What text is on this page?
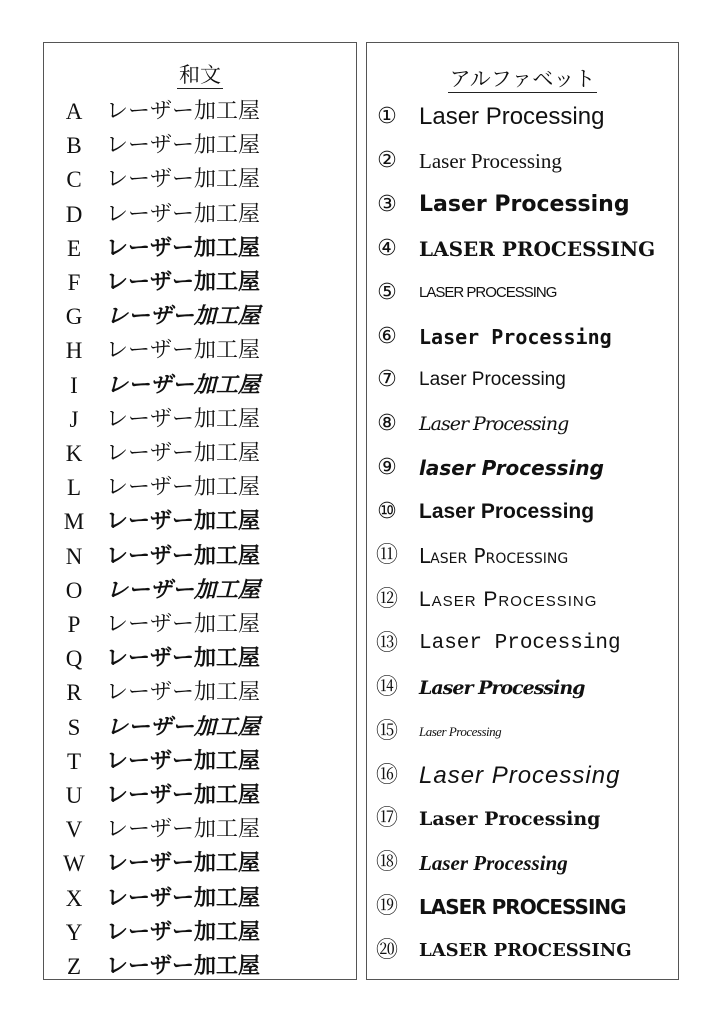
和文
A レーザー加工屋
B レーザー加工屋
C レーザー加工屋
D レーザー加工屋
E レーザー加工屋
F レーザー加工屋
G レーザー加工屋
H レーザー加工屋
I	レーザー加工屋
J	レーザー加工屋
K レーザー加工屋
L レーザー加工屋
M レーザー加工屋
N レーザー加工屋
O レーザー加工屋
P レーザー加工屋
Q レーザー加工屋
R レーザー加工屋
S レーザー加工屋
T レーザー加工屋
U レーザー加工屋
V レーザー加工屋
W レーザー加工屋
X レーザー加工屋
Y レーザー加工屋
Z レーザー加工屋
アルファベット
① Laser Processing
② Laser Processing
③ Laser Processing
④ LASER PROCESSING
⑤ LASER PROCESSING
⑥ Laser Processing
⑦ Laser Processing
⑧ Laser Processing
⑨ laser Processing
⑩ Laser Processing
⑪ Laser Processing
⑫ Laser Processing
⑬ Laser Processing
⑭ Laser Processing
⑮ Laser Processing
⑯ Laser Processing
⑰ Laser Processing
⑱ Laser Processing
⑲ LASER PROCESSING
⑳ LASER PROCESSING
